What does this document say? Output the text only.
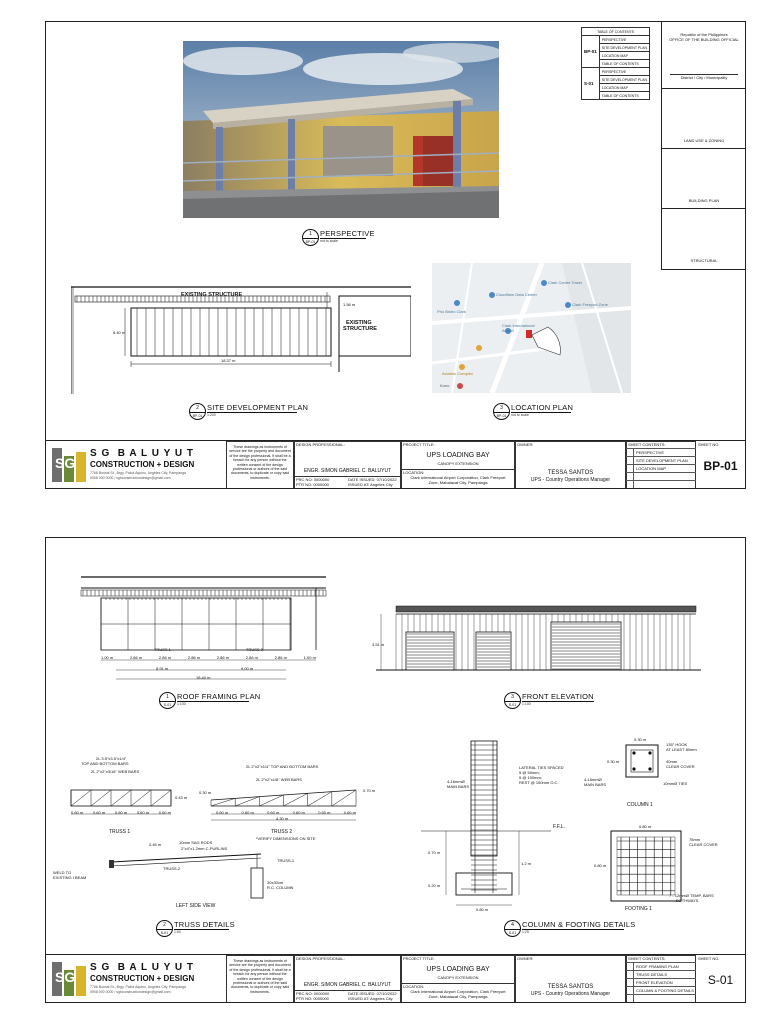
1
BP-01
PERSPECTIVE
not to scale
EXISTING STRUCTURE
EXISTING
STRUCTURE
18.37 m
6.40 m
1.56 m
2
BP-01
SITE DEVELOPMENT PLAN
1:200
Clark Centre Tower
Cloudflare Data Center
Clark Freeport Zone
Pho Bistro Clark
Clark International Airport
Aviation Complex
Kono
3
BP-01
LOCATION PLAN
not to scale
TABLE OF CONTENTS	
BP-01	PERSPECTIVE
	SITE DEVELOPMENT PLAN
	LOCATION MAP
	TABLE OF CONTENTS
S-01	PERSPECTIVE
	SITE DEVELOPMENT PLAN
	LOCATION MAP
	TABLE OF CONTENTS
Republic of the Philippines
OFFICE OF THE BUILDING OFFICIAL
District / City / Municipality
LAND USE & ZONING
BUILDING PLAN
STRUCTURAL
SG
S G  B A L U Y U T
CONSTRUCTION + DESIGN
7766 Bonsai St., Brgy. Pakol Aquino, Angeles City, Pampanga
0908 000 0000 / sgbconstructiondesign@gmail.com
These drawings as instruments of service are the property and document of the design professional. It shall be a breach for any person without the written consent of the design professional or authors of the said documents, to duplicate or copy said instruments.
DESIGN PROFESSIONAL:
ENGR. SIMON GABRIEL C. BALUYUT
PRC NO: 0000000	DATE ISSUED: 07/10/2022
PTR NO: 0000000	ISSUED AT: Angeles City
PROJECT TITLE:
UPS LOADING BAY
CANOPY EXTENSION
LOCATION:
Clark International Airport Corporation, Clark Freeport Zone, Mabalacat City, Pampanga
OWNER:
TESSA SANTOS
UPS - Country Operations Manager
SHEET CONTENTS:
PERSPECTIVE
SITE DEVELOPMENT PLAN
LOCATION MAP
SHEET NO.
BP-01
TRUSS 1	TRUSS 2
1.00 m	2.86 m	2.86 m	2.86 m	2.86 m	2.86 m	2.86 m	1.00 m
8.91 m	9.00 m
18.40 m
1
S-01
ROOF FRAMING PLAN
1:100
3.51 m
3
S-01
FRONT ELEVATION
1:100
2L 3.5"x3.5"x1/4"
TOP AND BOTTOM BARS
2L 2"x2"x3/16" WEB BARS
0.43 m
0.60 m 0.60 m 0.60 m 0.60 m 0.60 m
TRUSS 1
2L 2"x2"x1/4" TOP AND BOTTOM BARS
2L 2"x2"x1/8" WEB BARS
0.70 m
0.30 m
0.60 m	0.60 m	0.60 m	0.60 m	0.60 m	0.60 m
4.30 m
TRUSS 2
*VERIFY DIMENSIONS ON SITE
10mm SAG RODS
2"x4"x1.2mm C-PURLINS
0.45 m
TRUSS-1
TRUSS-2
WELD TO
EXISTING I BEAM
30x30cm
R.C. COLUMN
LEFT SIDE VIEW
2
S-01
TRUSS DETAILS
1:50
LATERAL TIES SPACED
5 @ 50mm;
5 @ 100mm;
REST @ 150mm O.C.
4-16mmØ
MAIN BARS
F.F.L.
0.70 m
1.2 m
0.20 m
0.80 m
0.30 m
0.30 m
135° HOOK
AT LEAST 80mm
40mm
CLEAR COVER
4-16mmØ
MAIN BARS	10mmØ TIES
COLUMN 1
0.80 m
0.80 m
75mm
CLEAR COVER
7 - 12mmØ TEMP. BARS
BOTHWAYS
FOOTING 1
4
S-01
COLUMN & FOOTING DETAILS
1:25
SG
S G  B A L U Y U T
CONSTRUCTION + DESIGN
7766 Bonsai St., Brgy. Pakol Aquino, Angeles City, Pampanga
0908 000 0000 / sgbconstructiondesign@gmail.com
These drawings as instruments of service are the property and document of the design professional. It shall be a breach for any person without the written consent of the design professional or authors of the said documents, to duplicate or copy said instruments.
DESIGN PROFESSIONAL:
ENGR. SIMON GABRIEL C. BALUYUT
PRC NO: 0000000	DATE ISSUED: 07/10/2022
PTR NO: 0000000	ISSUED AT: Angeles City
PROJECT TITLE:
UPS LOADING BAY
CANOPY EXTENSION
LOCATION:
Clark International Airport Corporation, Clark Freeport Zone, Mabalacat City, Pampanga
OWNER:
TESSA SANTOS
UPS - Country Operations Manager
SHEET CONTENTS:
ROOF FRAMING PLAN
TRUSS DETAILS
FRONT ELEVATION
COLUMN & FOOTING DETAILS
SHEET NO.
S-01
